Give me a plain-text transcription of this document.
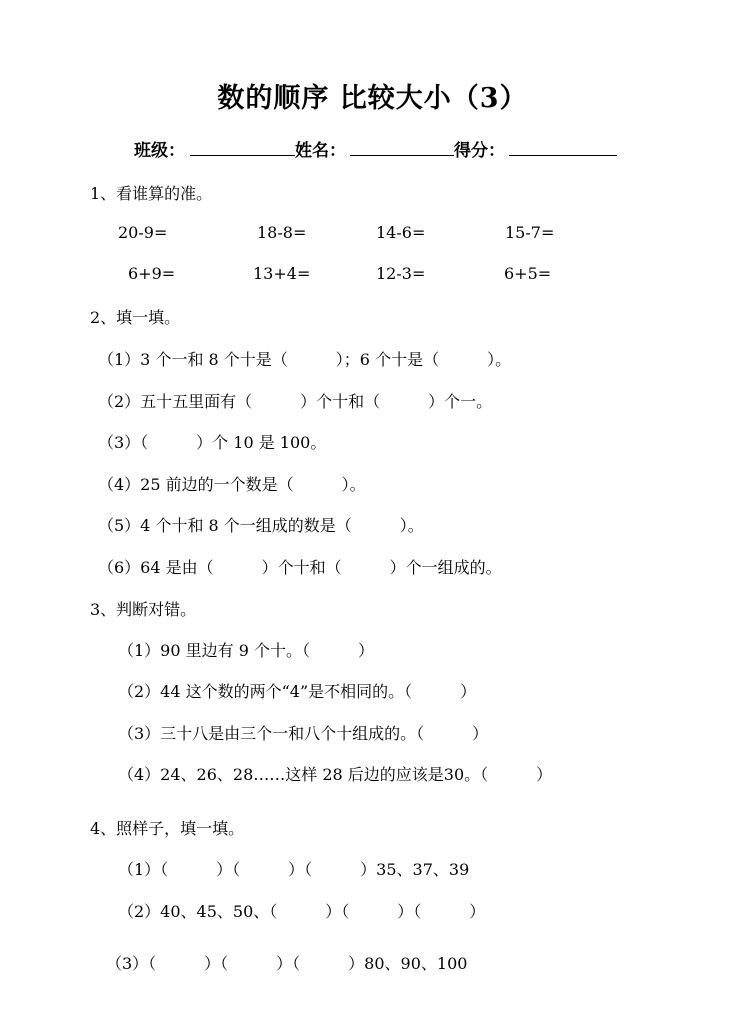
数的顺序 比较大小（3）
班级：	姓名：	得分：
1、看谁算的准。
20-9=	18-8=	14-6=	15-7=
6+9=	13+4=	12-3=	6+5=
2、填一填。
（1）3 个一和 8 个十是（　　　）；6 个十是（　　　）。
（2）五十五里面有（　　　）个十和（　　　）个一。
（3）（　　　）个 10 是 100。
（4）25 前边的一个数是（　　　）。
（5）4 个十和 8 个一组成的数是（　　　）。
（6）64 是由（　　　）个十和（　　　）个一组成的。
3、判断对错。
（1）90 里边有 9 个十。（　　　）
（2）44 这个数的两个“4”是不相同的。（　　　）
（3）三十八是由三个一和八个十组成的。（　　　）
（4）24、26、28……这样 28 后边的应该是30。（　　　）
4、照样子，填一填。
（1）（　　　）（　　　）（　　　）35、37、39
（2）40、45、50、（　　　）（　　　）（　　　）
（3）（　　　）（　　　）（　　　）80、90、100
